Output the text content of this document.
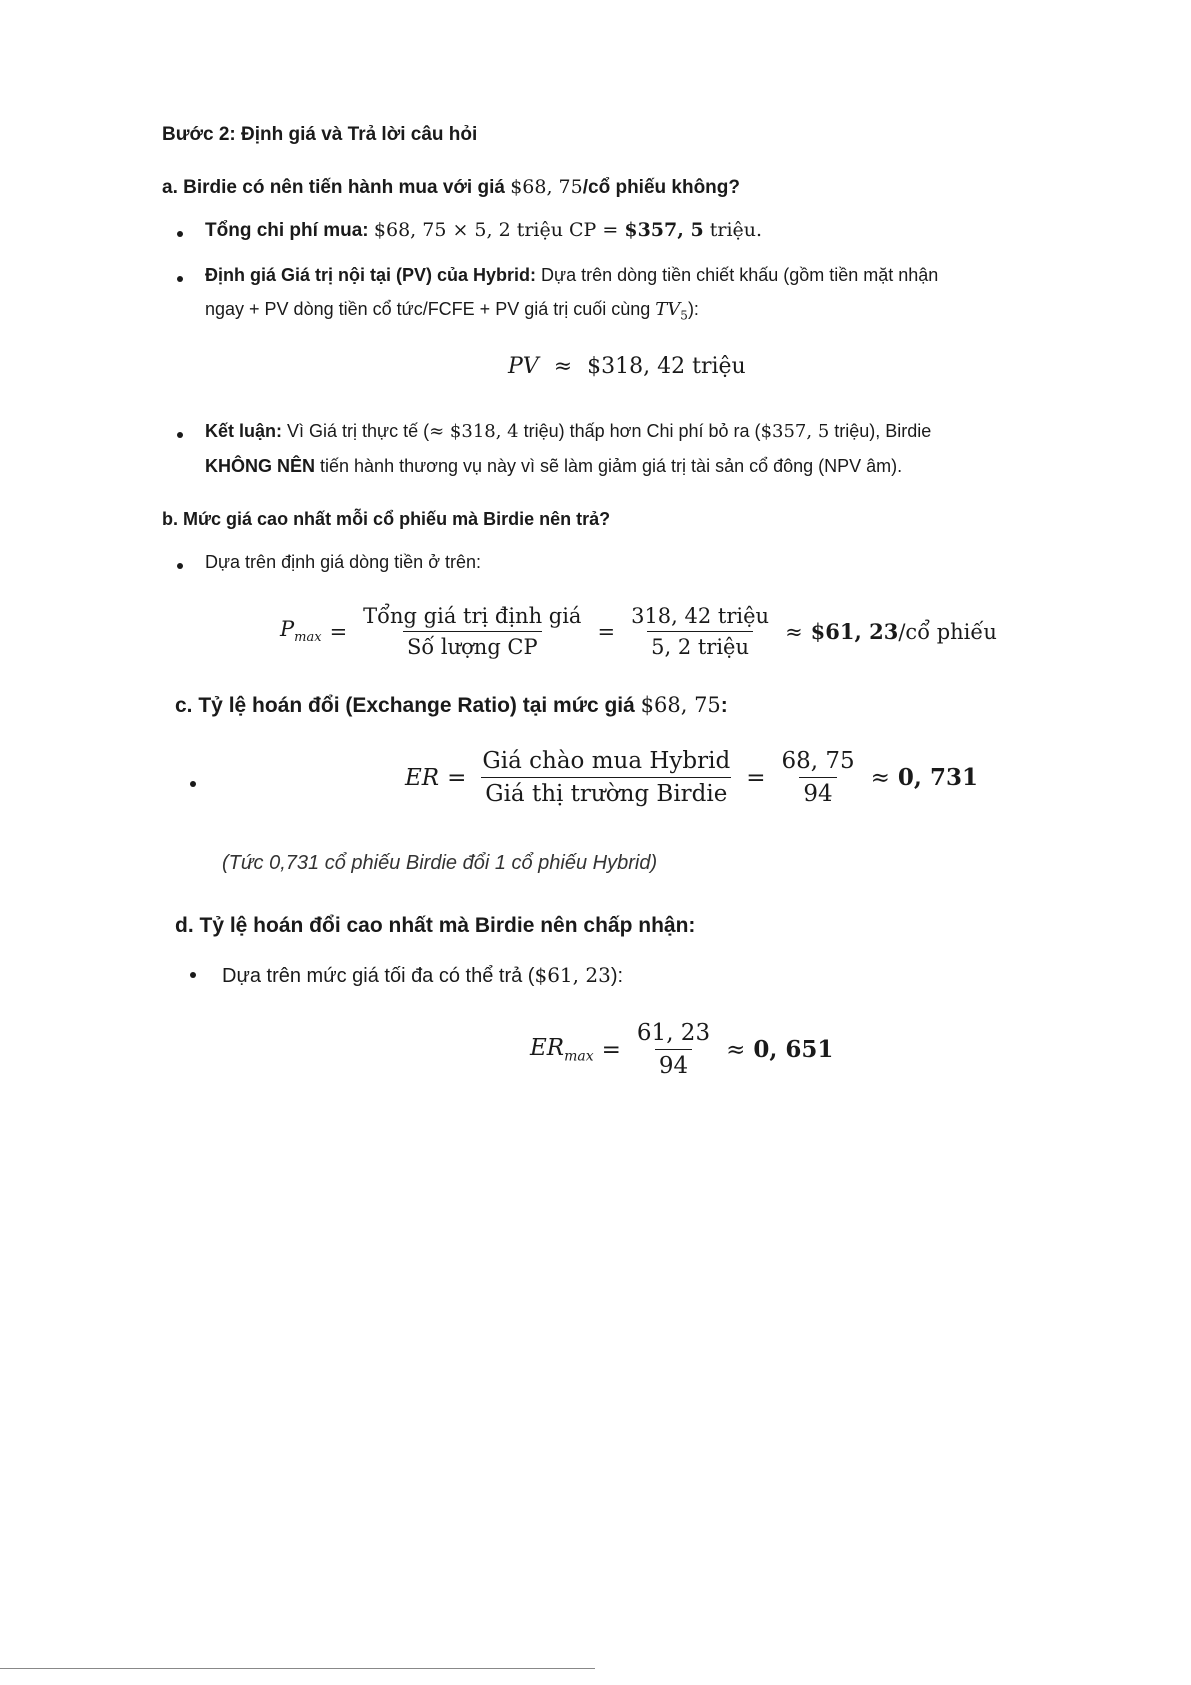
Bước 2: Định giá và Trả lời câu hỏi
a. Birdie có nên tiến hành mua với giá $68, 75/cổ phiếu không?
Tổng chi phí mua: $68, 75 × 5, 2 triệu CP = $357, 5 triệu.
Định giá Giá trị nội tại (PV) của Hybrid: Dựa trên dòng tiền chiết khấu (gồm tiền mặt nhận
ngay + PV dòng tiền cổ tức/FCFE + PV giá trị cuối cùng $TV_5$):
PV ≈ $318, 42 triệu
Kết luận: Vì Giá trị thực tế (≈ $318, 4 triệu) thấp hơn Chi phí bỏ ra ($357, 5 triệu), Birdie
KHÔNG NÊN tiến hành thương vụ này vì sẽ làm giảm giá trị tài sản cổ đông (NPV âm).
b. Mức giá cao nhất mỗi cổ phiếu mà Birdie nên trả?
Dựa trên định giá dòng tiền ở trên:
$P_{max} = \frac{\text{Tổng giá trị định giá}}{\text{Số lượng CP}} = \frac{\text{318, 42 triệu}}{\text{5, 2 triệu}}$ ≈ $61, 23 /cổ phiếu
c. Tỷ lệ hoán đổi (Exchange Ratio) tại mức giá $68, 75:
ER = $\frac{\text{Giá chào mua Hybrid}}{\text{Giá thị trường Birdie}} = \frac{68, 75}{94} \approx 0$, 731
(Tức 0,731 cổ phiếu Birdie đổi 1 cổ phiếu Hybrid)
d. Tỷ lệ hoán đổi cao nhất mà Birdie nên chấp nhận:
Dựa trên mức giá tối đa có thể trả ($61, 23):
$ER_{max} = \frac{61, 23}{94} \approx 0$, 651
